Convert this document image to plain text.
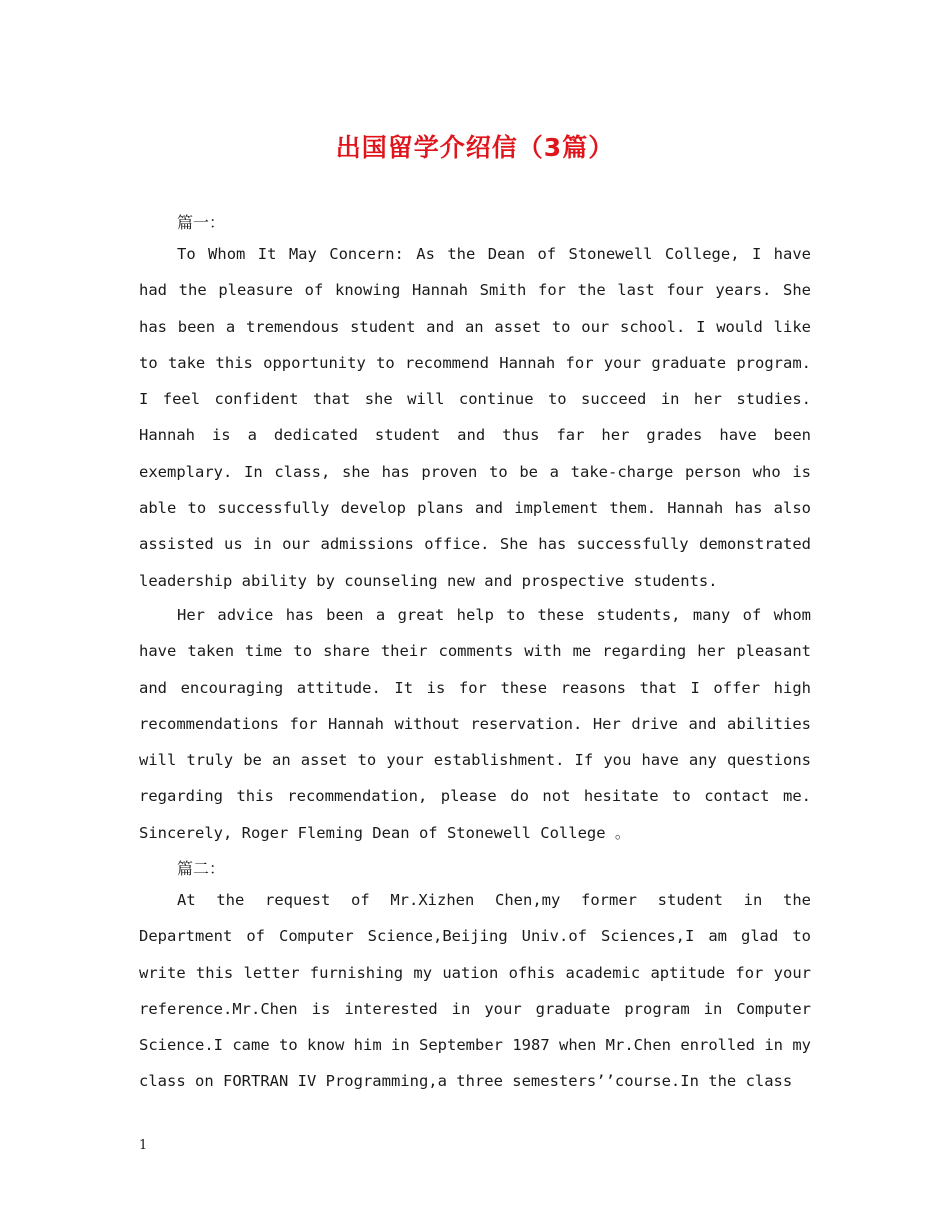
出国留学介绍信（3篇）
篇一：

To Whom It May Concern: As the Dean of Stonewell College, I have had the pleasure of knowing Hannah Smith for the last four years. She has been a tremendous student and an asset to our school. I would like to take this opportunity to recommend Hannah for your graduate program. I feel confident that she will continue to succeed in her studies. Hannah is a dedicated student and thus far her grades have been exemplary. In class, she has proven to be a take-charge person who is able to successfully develop plans and implement them. Hannah has also assisted us in our admissions office. She has successfully demonstrated leadership ability by counseling new and prospective students.

Her advice has been a great help to these students, many of whom have taken time to share their comments with me regarding her pleasant and encouraging attitude. It is for these reasons that I offer high recommendations for Hannah without reservation. Her drive and abilities will truly be an asset to your establishment. If you have any questions regarding this recommendation, please do not hesitate to contact me. Sincerely, Roger Fleming Dean of Stonewell College 。

篇二：

At the request of Mr.Xizhen Chen,my former student in the Department of Computer Science,Beijing Univ.of Sciences,I am glad to write this letter furnishing my uation ofhis academic aptitude for your reference.Mr.Chen is interested in your graduate program in Computer Science.I came to know him in September 1987 when Mr.Chen enrolled in my class on FORTRAN IV Programming,a three semesters’’course.In the class

1
